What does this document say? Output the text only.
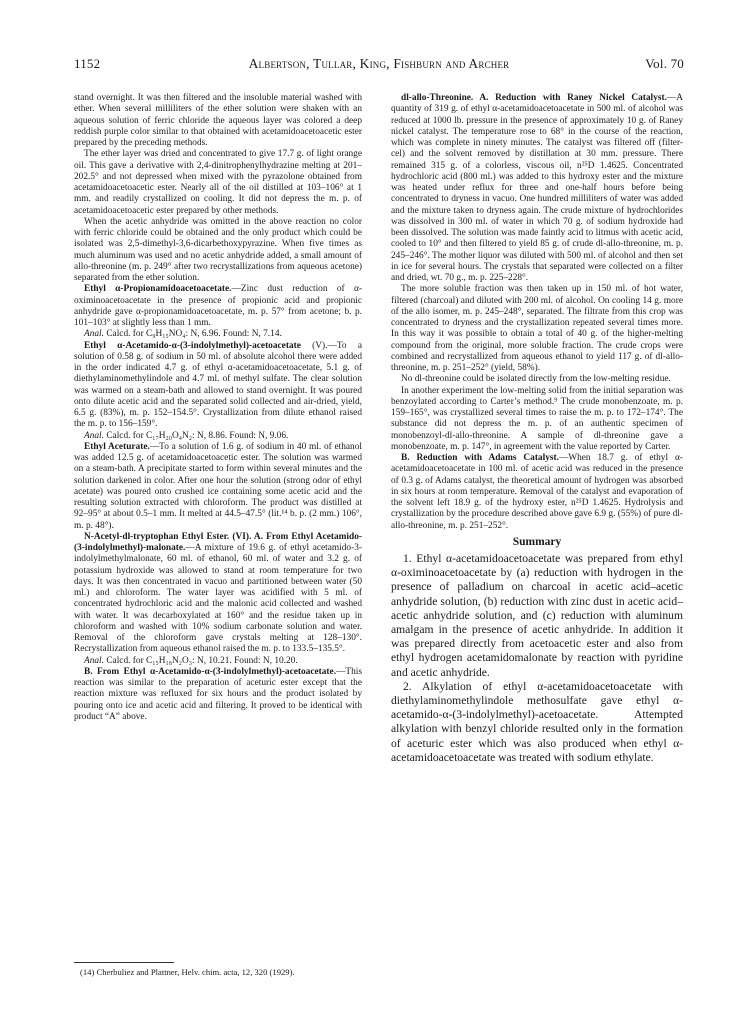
1152	Albertson, Tullar, King, Fishburn and Archer	Vol. 70

stand overnight. It was then filtered and the insoluble material washed with ether. When several milliliters of the ether solution were shaken with an aqueous solution of ferric chloride the aqueous layer was colored a deep reddish purple color similar to that obtained with acetamidoacetoacetic ester prepared by the preceding methods.

The ether layer was dried and concentrated to give 17.7 g. of light orange oil. This gave a derivative with 2,4-dinitrophenylhydrazine melting at 201–202.5° and not depressed when mixed with the pyrazolone obtained from acetamidoacetoacetic ester. Nearly all of the oil distilled at 103–106° at 1 mm. and readily crystallized on cooling. It did not depress the m. p. of acetamidoacetoacetic ester prepared by other methods.

When the acetic anhydride was omitted in the above reaction no color with ferric chloride could be obtained and the only product which could be isolated was 2,5-dimethyl-3,6-dicarbethoxypyrazine. When five times as much aluminum was used and no acetic anhydride added, a small amount of allo-threonine (m. p. 249° after two recrystallizations from aqueous acetone) separated from the ether solution.

Ethyl α-Propionamidoacetoacetate.—Zinc dust reduction of α-oximinoacetoacetate in the presence of propionic acid and propionic anhydride gave α-propionamidoacetoacetate, m. p. 57° from acetone; b. p. 101–103° at slightly less than 1 mm.

Anal. Calcd. for C₉H₁₅NO₄: N, 6.96. Found: N, 7.14.

Ethyl α-Acetamido-α-(3-indolylmethyl)-acetoacetate (V).—To a solution of 0.58 g. of sodium in 50 ml. of absolute alcohol there were added in the order indicated 4.7 g. of ethyl α-acetamidoacetoacetate, 5.1 g. of diethylaminomethylindole and 4.7 ml. of methyl sulfate. The clear solution was warmed on a steam-bath and allowed to stand overnight. It was poured onto dilute acetic acid and the separated solid collected and air-dried, yield, 6.5 g. (83%), m. p. 152–154.5°. Crystallization from dilute ethanol raised the m. p. to 156–159°.

Anal. Calcd. for C₁₇H₂₀O₄N₂: N, 8.86. Found: N, 9.06.

Ethyl Aceturate.—To a solution of 1.6 g. of sodium in 40 ml. of ethanol was added 12.5 g. of acetamidoacetoacetic ester. The solution was warmed on a steam-bath. A precipitate started to form within several minutes and the solution darkened in color. After one hour the solution (strong odor of ethyl acetate) was poured onto crushed ice containing some acetic acid and the resulting solution extracted with chloroform. The product was distilled at 92–95° at about 0.5–1 mm. It melted at 44.5–47.5° (lit.¹⁴ b. p. (2 mm.) 106°, m. p. 48°).

N-Acetyl-dl-tryptophan Ethyl Ester. (VI). A. From Ethyl Acetamido-(3-indolylmethyl)-malonate.—A mixture of 19.6 g. of ethyl acetamido-3-indolylmethylmalonate, 60 ml. of ethanol, 60 ml. of water and 3.2 g. of potassium hydroxide was allowed to stand at room temperature for two days. It was then concentrated in vacuo and partitioned between water (50 ml.) and chloroform. The water layer was acidified with 5 ml. of concentrated hydrochloric acid and the malonic acid collected and washed with water. It was decarboxylated at 160° and the residue taken up in chloroform and washed with 10% sodium carbonate solution and water. Removal of the chloroform gave crystals melting at 128–130°. Recrystallization from aqueous ethanol raised the m. p. to 133.5–135.5°.

Anal. Calcd. for C₁₅H₁₈N₂O₃: N, 10.21. Found: N, 10.20.

B. From Ethyl α-Acetamido-α-(3-indolylmethyl)-acetoacetate.—This reaction was similar to the preparation of aceturic ester except that the reaction mixture was refluxed for six hours and the product isolated by pouring onto ice and acetic acid and filtering. It proved to be identical with product “A” above.

dl-allo-Threonine. A. Reduction with Raney Nickel Catalyst.—A quantity of 319 g. of ethyl α-acetamidoacetoacetate in 500 ml. of alcohol was reduced at 1000 lb. pressure in the presence of approximately 10 g. of Raney nickel catalyst. The temperature rose to 68° in the course of the reaction, which was complete in ninety minutes. The catalyst was filtered off (filter-cel) and the solvent removed by distillation at 30 mm. pressure. There remained 315 g. of a colorless, viscous oil, n²⁵D 1.4625. Concentrated hydrochloric acid (800 ml.) was added to this hydroxy ester and the mixture was heated under reflux for three and one-half hours before being concentrated to dryness in vacuo. One hundred milliliters of water was added and the mixture taken to dryness again. The crude mixture of hydrochlorides was dissolved in 300 ml. of water in which 70 g. of sodium hydroxide had been dissolved. The solution was made faintly acid to litmus with acetic acid, cooled to 10° and then filtered to yield 85 g. of crude dl-allo-threonine, m. p. 245–246°. The mother liquor was diluted with 500 ml. of alcohol and then set in ice for several hours. The crystals that separated were collected on a filter and dried, wt. 70 g., m. p. 225–228°.

The more soluble fraction was then taken up in 150 ml. of hot water, filtered (charcoal) and diluted with 200 ml. of alcohol. On cooling 14 g. more of the allo isomer, m. p. 245–248°, separated. The filtrate from this crop was concentrated to dryness and the crystallization repeated several times more. In this way it was possible to obtain a total of 40 g. of the higher-melting compound from the original, more soluble fraction. The crude crops were combined and recrystallized from aqueous ethanol to yield 117 g. of dl-allo-threonine, m. p. 251–252° (yield, 58%).

No dl-threonine could be isolated directly from the low-melting residue.

In another experiment the low-melting solid from the initial separation was benzoylated according to Carter’s method.⁹ The crude monobenzoate, m. p. 159–165°, was crystallized several times to raise the m. p. to 172–174°. The substance did not depress the m. p. of an authentic specimen of monobenzoyl-dl-allo-threonine. A sample of dl-threonine gave a monobenzoate, m. p. 147°, in agreement with the value reported by Carter.

B. Reduction with Adams Catalyst.—When 18.7 g. of ethyl α-acetamidoacetoacetate in 100 ml. of acetic acid was reduced in the presence of 0.3 g. of Adams catalyst, the theoretical amount of hydrogen was absorbed in six hours at room temperature. Removal of the catalyst and evaporation of the solvent left 18.9 g. of the hydroxy ester, n²⁵D 1.4625. Hydrolysis and crystallization by the procedure described above gave 6.9 g. (55%) of pure dl-allo-threonine, m. p. 251–252°.

Summary

1. Ethyl α-acetamidoacetoacetate was prepared from ethyl α-oximinoacetoacetate by (a) reduction with hydrogen in the presence of palladium on charcoal in acetic acid–acetic anhydride solution, (b) reduction with zinc dust in acetic acid–acetic anhydride solution, and (c) reduction with aluminum amalgam in the presence of acetic anhydride. In addition it was prepared directly from acetoacetic ester and also from ethyl hydrogen acetamidomalonate by reaction with pyridine and acetic anhydride.

2. Alkylation of ethyl α-acetamidoacetoacetate with diethylaminomethylindole methosulfate gave ethyl α-acetamido-α-(3-indolylmethyl)-acetoacetate. Attempted alkylation with benzyl chloride resulted only in the formation of aceturic ester which was also produced when ethyl α-acetamidoacetoacetate was treated with sodium ethylate.

(14) Cherbuliez and Plattner, Helv. chim. acta, 12, 320 (1929).
